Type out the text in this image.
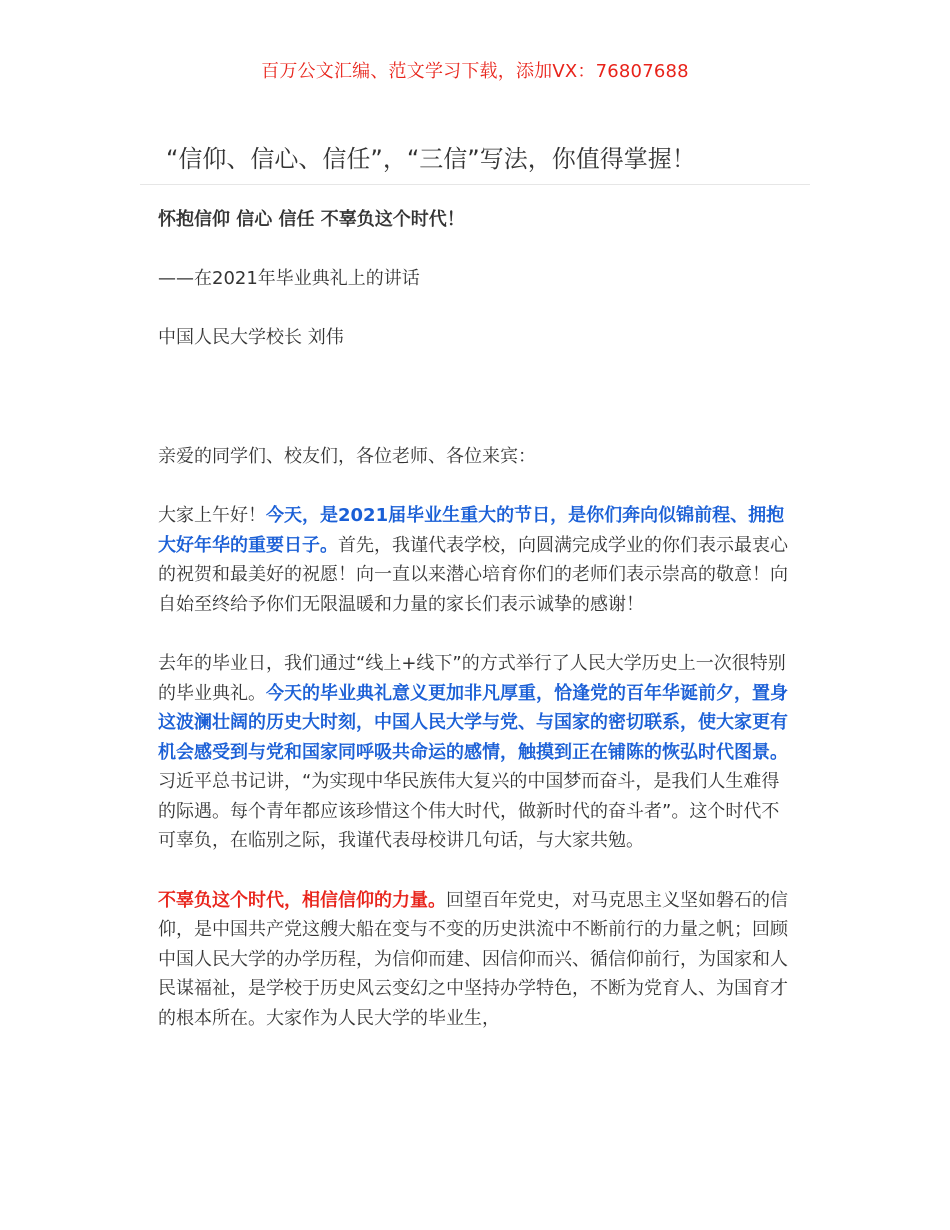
百万公文汇编、范文学习下载，添加VX：76807688
“信仰、信心、信任”，“三信”写法，你值得掌握！

怀抱信仰 信心 信任 不辜负这个时代！

——在2021年毕业典礼上的讲话

中国人民大学校长 刘伟

亲爱的同学们、校友们，各位老师、各位来宾：

大家上午好！今天，是2021届毕业生重大的节日，是你们奔向似锦前程、拥抱大好年华的重要日子。首先，我谨代表学校，向圆满完成学业的你们表示最衷心的祝贺和最美好的祝愿！向一直以来潜心培育你们的老师们表示崇高的敬意！向自始至终给予你们无限温暖和力量的家长们表示诚挚的感谢！

去年的毕业日，我们通过“线上+线下”的方式举行了人民大学历史上一次很特别的毕业典礼。今天的毕业典礼意义更加非凡厚重，恰逢党的百年华诞前夕，置身这波澜壮阔的历史大时刻，中国人民大学与党、与国家的密切联系，使大家更有机会感受到与党和国家同呼吸共命运的感情，触摸到正在铺陈的恢弘时代图景。习近平总书记讲，“为实现中华民族伟大复兴的中国梦而奋斗，是我们人生难得的际遇。每个青年都应该珍惜这个伟大时代，做新时代的奋斗者”。这个时代不可辜负，在临别之际，我谨代表母校讲几句话，与大家共勉。

不辜负这个时代，相信信仰的力量。回望百年党史，对马克思主义坚如磐石的信仰，是中国共产党这艘大船在变与不变的历史洪流中不断前行的力量之帆；回顾中国人民大学的办学历程，为信仰而建、因信仰而兴、循信仰前行，为国家和人民谋福祉，是学校于历史风云变幻之中坚持办学特色，不断为党育人、为国育才的根本所在。大家作为人民大学的毕业生，
